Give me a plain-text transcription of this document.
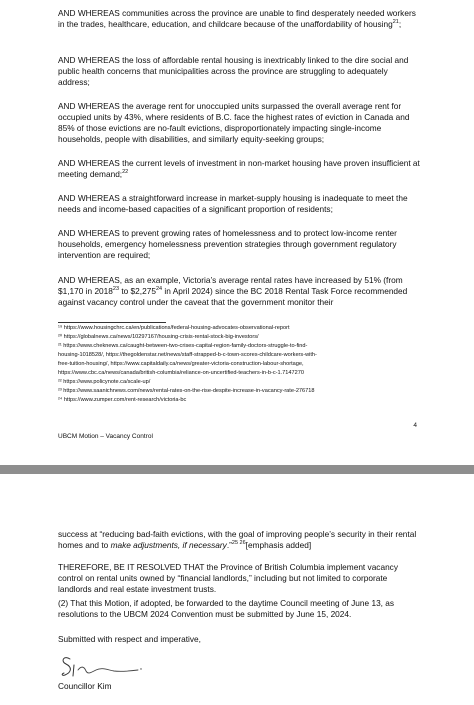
AND WHEREAS communities across the province are unable to find desperately needed workers in the trades, healthcare, education, and childcare because of the unaffordability of housing$^{21}$;
AND WHEREAS the loss of affordable rental housing is inextricably linked to the dire social and public health concerns that municipalities across the province are struggling to adequately address;
AND WHEREAS the average rent for unoccupied units surpassed the overall average rent for occupied units by 43%, where residents of B.C. face the highest rates of eviction in Canada and 85% of those evictions are no-fault evictions, disproportionately impacting single-income households, people with disabilities, and similarly equity-seeking groups;
AND WHEREAS the current levels of investment in non-market housing have proven insufficient at meeting demand;$^{22}$
AND WHEREAS a straightforward increase in market-supply housing is inadequate to meet the needs and income-based capacities of a significant proportion of residents;
AND WHEREAS to prevent growing rates of homelessness and to protect low-income renter households, emergency homelessness prevention strategies through government regulatory intervention are required;
AND WHEREAS, as an example, Victoria’s average rental rates have increased by 51% (from $1,170 in 2018$^{23}$ to $2,275$^{24}$ in April 2024) since the BC 2018 Rental Task Force recommended against vacancy control under the caveat that the government monitor their
¹⁹ https://www.housingchrc.ca/en/publications/federal-housing-advocates-observational-report
²⁰ https://globalnews.ca/news/10297167/housing-crisis-rental-stock-big-investors/
²¹ https://www.cheknews.ca/caught-between-two-crises-capital-region-family-doctors-struggle-to-find-
housing-1018528/, https://thegoldenstar.net/news/staff-strapped-b-c-town-scores-childcare-workers-with-
free-tuition-housing/, https://www.capitaldaily.ca/news/greater-victoria-construction-labour-shortage,
https://www.cbc.ca/news/canada/british-columbia/reliance-on-uncertified-teachers-in-b-c-1.7147270
²² https://www.policynote.ca/scale-up/
²³ https://www.saanichnews.com/news/rental-rates-on-the-rise-despite-increase-in-vacancy-rate-276718
²⁴ https://www.zumper.com/rent-research/victoria-bc
4
UBCM Motion – Vacancy Control
success at “reducing bad-faith evictions, with the goal of improving people’s security in their rental homes and to make adjustments, if necessary.”$^{25 26}$[emphasis added]
THEREFORE, BE IT RESOLVED THAT the Province of British Columbia implement vacancy control on rental units owned by “financial landlords,” including but not limited to corporate landlords and real estate investment trusts.
(2) That this Motion, if adopted, be forwarded to the daytime Council meeting of June 13, as resolutions to the UBCM 2024 Convention must be submitted by June 15, 2024.
Submitted with respect and imperative,
Councillor Kim
